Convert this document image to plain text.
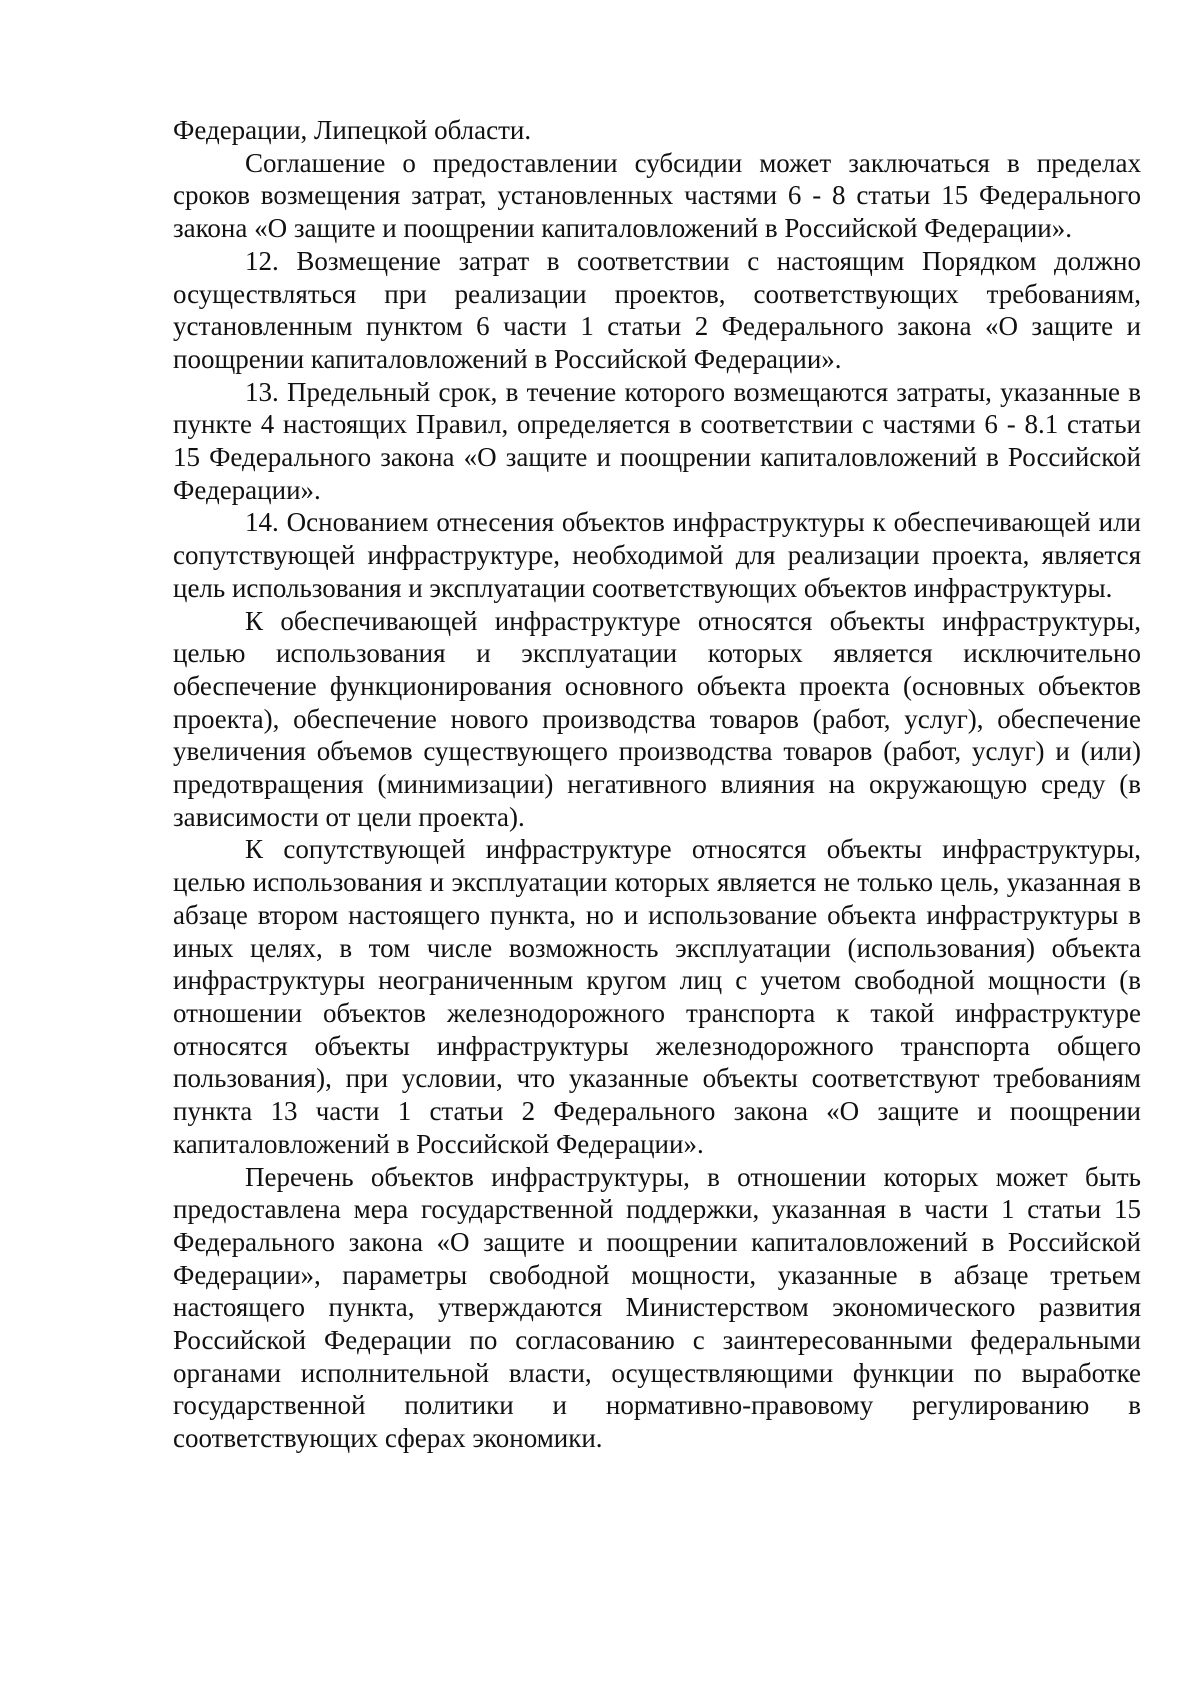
Федерации, Липецкой области.

Соглашение о предоставлении субсидии может заключаться в пределах сроков возмещения затрат, установленных частями 6 - 8 статьи 15 Федерального закона «О защите и поощрении капиталовложений в Российской Федерации».

12. Возмещение затрат в соответствии с настоящим Порядком должно осуществляться при реализации проектов, соответствующих требованиям, установленным пунктом 6 части 1 статьи 2 Федерального закона «О защите и поощрении капиталовложений в Российской Федерации».

13. Предельный срок, в течение которого возмещаются затраты, указанные в пункте 4 настоящих Правил, определяется в соответствии с частями 6 - 8.1 статьи 15 Федерального закона «О защите и поощрении капиталовложений в Российской Федерации».

14. Основанием отнесения объектов инфраструктуры к обеспечивающей или сопутствующей инфраструктуре, необходимой для реализации проекта, является цель использования и эксплуатации соответствующих объектов инфраструктуры.

К обеспечивающей инфраструктуре относятся объекты инфраструктуры, целью использования и эксплуатации которых является исключительно обеспечение функционирования основного объекта проекта (основных объектов проекта), обеспечение нового производства товаров (работ, услуг), обеспечение увеличения объемов существующего производства товаров (работ, услуг) и (или) предотвращения (минимизации) негативного влияния на окружающую среду (в зависимости от цели проекта).

К сопутствующей инфраструктуре относятся объекты инфраструктуры, целью использования и эксплуатации которых является не только цель, указанная в абзаце втором настоящего пункта, но и использование объекта инфраструктуры в иных целях, в том числе возможность эксплуатации (использования) объекта инфраструктуры неограниченным кругом лиц с учетом свободной мощности (в отношении объектов железнодорожного транспорта к такой инфраструктуре относятся объекты инфраструктуры железнодорожного транспорта общего пользования), при условии, что указанные объекты соответствуют требованиям пункта 13 части 1 статьи 2 Федерального закона «О защите и поощрении капиталовложений в Российской Федерации».

Перечень объектов инфраструктуры, в отношении которых может быть предоставлена мера государственной поддержки, указанная в части 1 статьи 15 Федерального закона «О защите и поощрении капиталовложений в Российской Федерации», параметры свободной мощности, указанные в абзаце третьем настоящего пункта, утверждаются Министерством экономического развития Российской Федерации по согласованию с заинтересованными федеральными органами исполнительной власти, осуществляющими функции по выработке государственной политики и нормативно-правовому регулированию в соответствующих сферах экономики.
